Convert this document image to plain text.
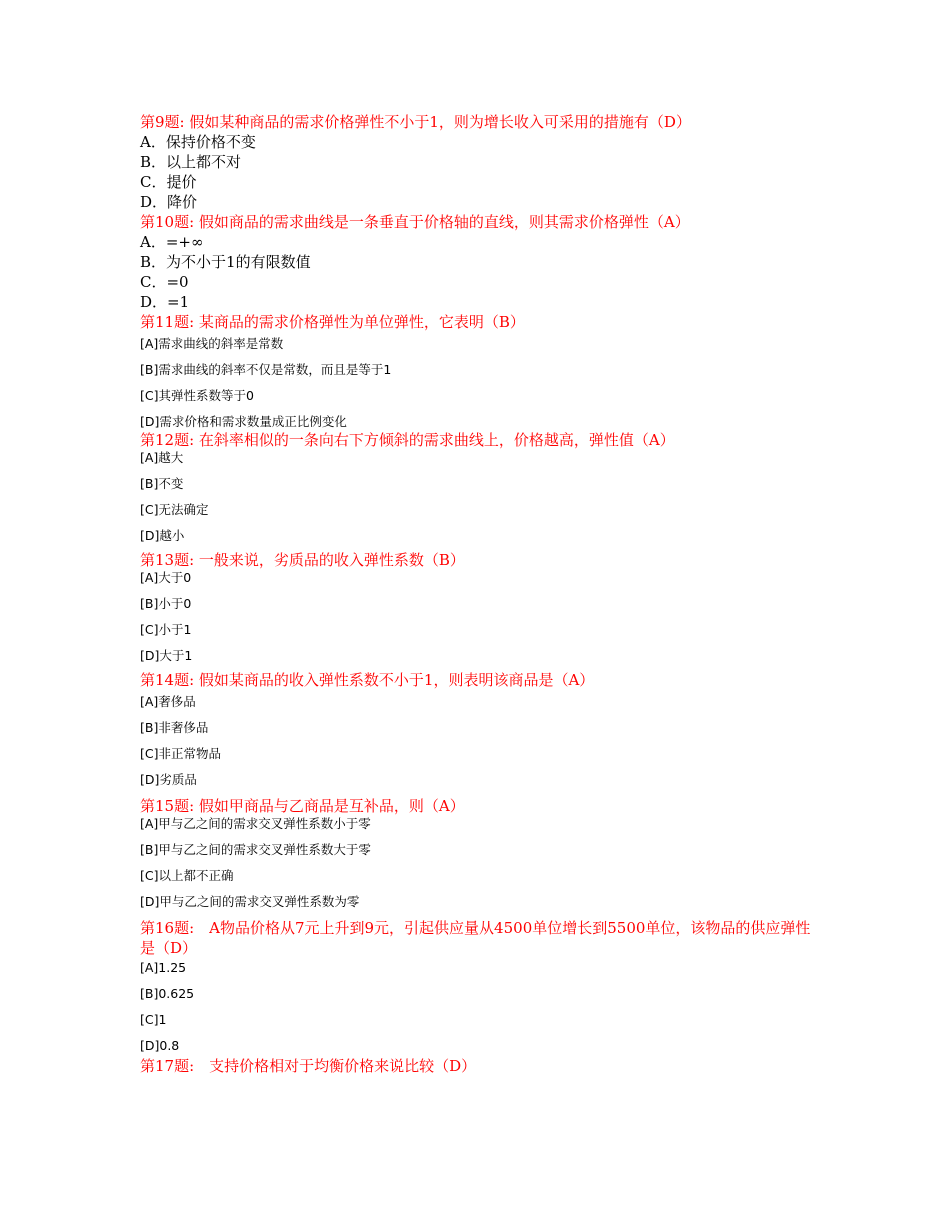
第9题: 假如某种商品的需求价格弹性不小于1，则为增长收入可采用的措施有（D）

A．保持价格不变

B．以上都不对

C．提价

D．降价

第10题: 假如商品的需求曲线是一条垂直于价格轴的直线，则其需求价格弹性（A）

A．=+∞

B．为不小于1的有限数值

C．=0

D．=1

第11题: 某商品的需求价格弹性为单位弹性，它表明（B）

[A]需求曲线的斜率是常数

[B]需求曲线的斜率不仅是常数，而且是等于1

[C]其弹性系数等于0

[D]需求价格和需求数量成正比例变化

第12题: 在斜率相似的一条向右下方倾斜的需求曲线上，价格越高，弹性值（A）

[A]越大

[B]不变

[C]无法确定

[D]越小

第13题: 一般来说，劣质品的收入弹性系数（B）

[A]大于0

[B]小于0

[C]小于1

[D]大于1

第14题: 假如某商品的收入弹性系数不小于1，则表明该商品是（A）

[A]奢侈品

[B]非奢侈品

[C]非正常物品

[D]劣质品

第15题: 假如甲商品与乙商品是互补品，则（A）

[A]甲与乙之间的需求交叉弹性系数小于零

[B]甲与乙之间的需求交叉弹性系数大于零

[C]以上都不正确

[D]甲与乙之间的需求交叉弹性系数为零

第16题:　A物品价格从7元上升到9元，引起供应量从4500单位增长到5500单位，该物品的供应弹性是（D）

[A]1.25

[B]0.625

[C]1

[D]0.8

第17题:　支持价格相对于均衡价格来说比较（D）
